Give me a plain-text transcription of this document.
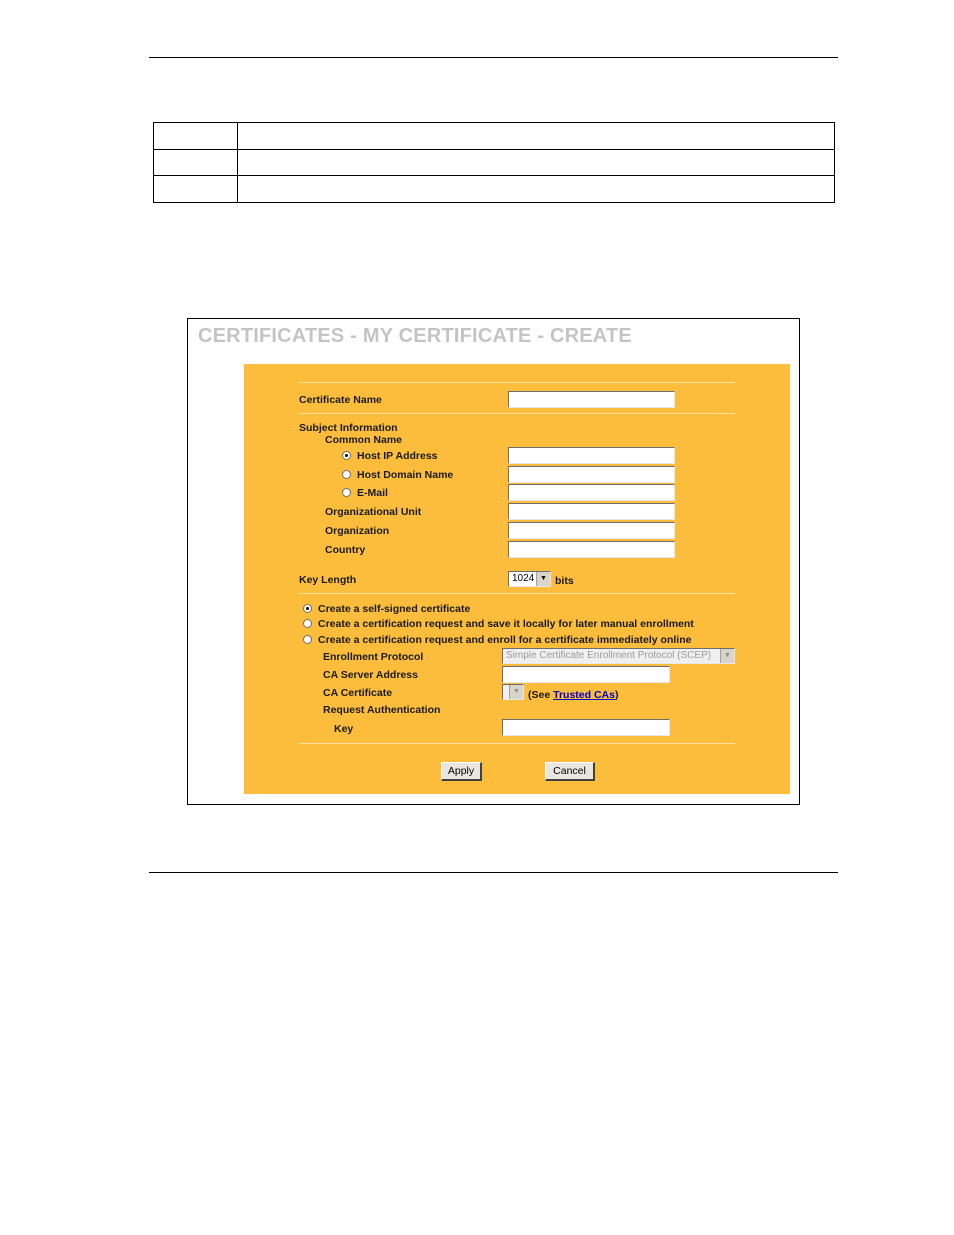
CERTIFICATES - MY CERTIFICATE - CREATE
Certificate Name
Subject Information
Common Name
Host IP Address
Host Domain Name
E-Mail
Organizational Unit
Organization
Country
Key Length	1024 ▼ bits
Create a self-signed certificate
Create a certification request and save it locally for later manual enrollment
Create a certification request and enroll for a certificate immediately online
Enrollment Protocol	Simple Certificate Enrollment Protocol (SCEP)	▼
CA Server Address
CA Certificate	▼ (See Trusted CAs)
Request Authentication
Key
Apply	Cancel
